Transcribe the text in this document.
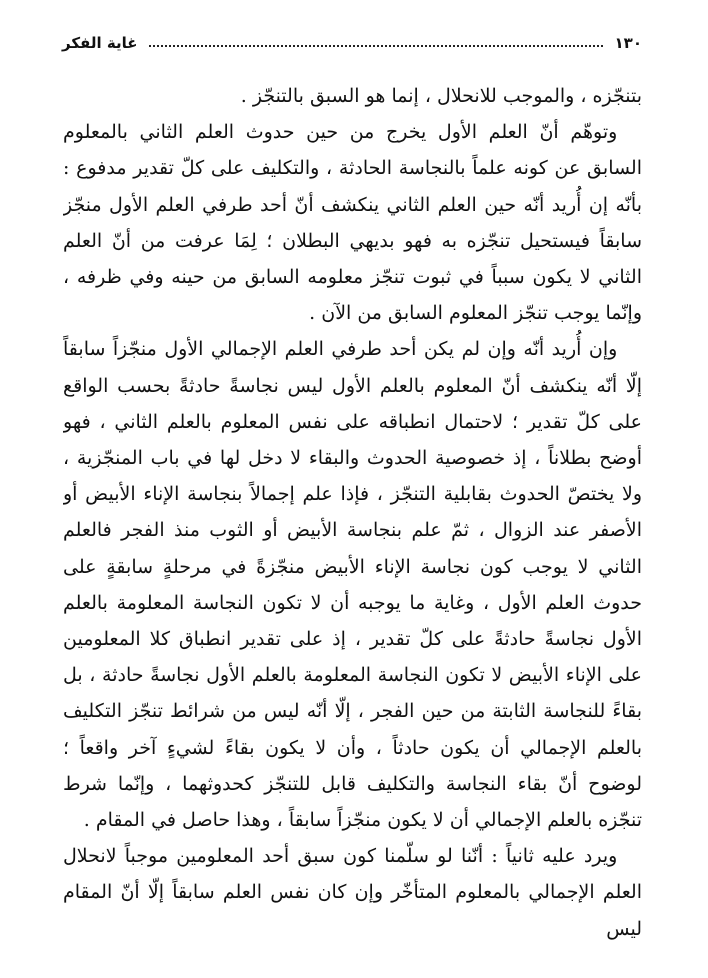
١٣٠
غاية الفكر

بتنجّزه ، والموجب للانحلال ، إنما هو السبق بالتنجّز .

وتوهّم أنّ العلم الأول يخرج من حين حدوث العلم الثاني بالمعلوم السابق عن كونه علماً بالنجاسة الحادثة ، والتكليف على كلّ تقدير مدفوع : بأنّه إن أُريد أنّه حين العلم الثاني ينكشف أنّ أحد طرفي العلم الأول منجّز سابقاً فيستحيل تنجّزه به فهو بديهي البطلان ؛ لِمَا عرفت من أنّ العلم الثاني لا يكون سبباً في ثبوت تنجّز معلومه السابق من حينه وفي ظرفه ، وإنّما يوجب تنجّز المعلوم السابق من الآن .

وإن أُريد أنّه وإن لم يكن أحد طرفي العلم الإجمالي الأول منجّزاً سابقاً إلّا أنّه ينكشف أنّ المعلوم بالعلم الأول ليس نجاسةً حادثةً بحسب الواقع على كلّ تقدير ؛ لاحتمال انطباقه على نفس المعلوم بالعلم الثاني ، فهو أوضح بطلاناً ، إذ خصوصية الحدوث والبقاء لا دخل لها في باب المنجّزية ، ولا يختصّ الحدوث بقابلية التنجّز ، فإذا علم إجمالاً بنجاسة الإناء الأبيض أو الأصفر عند الزوال ، ثمّ علم بنجاسة الأبيض أو الثوب منذ الفجر فالعلم الثاني لا يوجب كون نجاسة الإناء الأبيض منجّزةً في مرحلةٍ سابقةٍ على حدوث العلم الأول ، وغاية ما يوجبه أن لا تكون النجاسة المعلومة بالعلم الأول نجاسةً حادثةً على كلّ تقدير ، إذ على تقدير انطباق كلا المعلومين على الإناء الأبيض لا تكون النجاسة المعلومة بالعلم الأول نجاسةً حادثة ، بل بقاءً للنجاسة الثابتة من حين الفجر ، إلّا أنّه ليس من شرائط تنجّز التكليف بالعلم الإجمالي أن يكون حادثاً ، وأن لا يكون بقاءً لشيءٍ آخر واقعاً ؛ لوضوح أنّ بقاء النجاسة والتكليف قابل للتنجّز كحدوثهما ، وإنّما شرط تنجّزه بالعلم الإجمالي أن لا يكون منجّزاً سابقاً ، وهذا حاصل في المقام .

ويرد عليه ثانياً : أنّنا لو سلّمنا كون سبق أحد المعلومين موجباً لانحلال العلم الإجمالي بالمعلوم المتأخّر وإن كان نفس العلم سابقاً إلّا أنّ المقام ليس
